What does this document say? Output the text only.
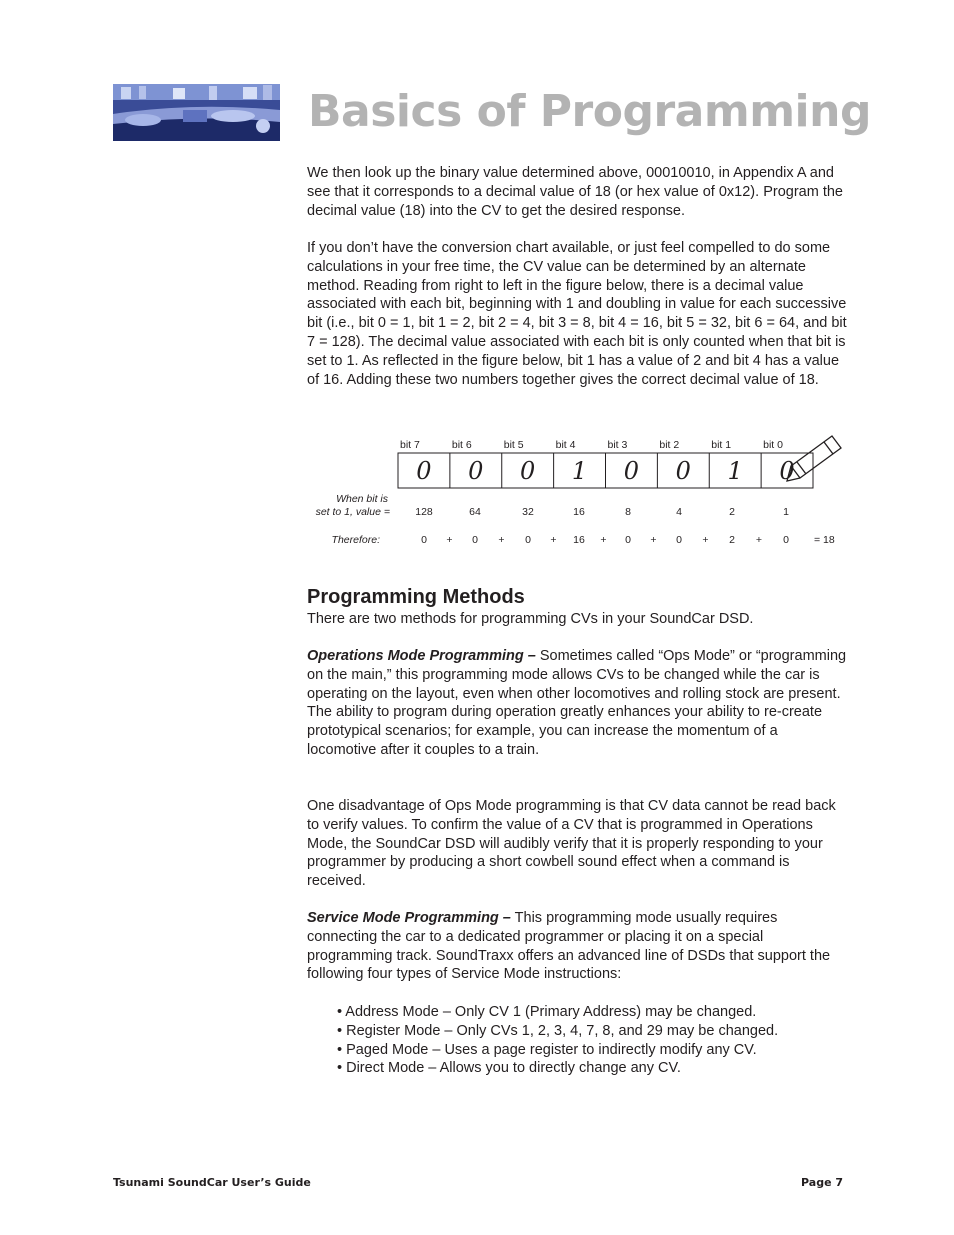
Basics of Programming

We then look up the binary value determined above, 00010010, in Appendix A and see that it corresponds to a decimal value of 18 (or hex value of 0x12). Program the decimal value (18) into the CV to get the desired response.

If you don’t have the conversion chart available, or just feel compelled to do some calculations in your free time, the CV value can be determined by an alternate method. Reading from right to left in the figure below, there is a decimal value associated with each bit, beginning with 1 and doubling in value for each successive bit (i.e., bit 0 = 1, bit 1 = 2, bit 2 = 4, bit 3 = 8, bit 4 = 16, bit 5 = 32, bit 6 = 64, and bit 7 = 128). The decimal value associated with each bit is only counted when that bit is set to 1. As reflected in the figure below, bit 1 has a value of 2 and bit 4 has a value of 16. Adding these two numbers together gives the correct decimal value of 18.

bit 7	bit 6	bit 5	bit 4	bit 3	bit 2	bit 1	bit 0
0 0 0 1 0 0 1 0
When bit is
set to 1, value = 128	64	32	16	8	4	2	1
Therefore:	0 + 0 + 0 + 16 + 0 + 0 + 2 + 0 = 18
Programming Methods

There are two methods for programming CVs in your SoundCar DSD.

Operations Mode Programming – Sometimes called “Ops Mode” or “programming on the main,” this programming mode allows CVs to be changed while the car is operating on the layout, even when other locomotives and rolling stock are present. The ability to program during operation greatly enhances your ability to re-create prototypical scenarios; for example, you can increase the momentum of a locomotive after it couples to a train.

One disadvantage of Ops Mode programming is that CV data cannot be read back to verify values. To confirm the value of a CV that is programmed in Operations Mode, the SoundCar DSD will audibly verify that it is properly responding to your programmer by producing a short cowbell sound effect when a command is received.

Service Mode Programming – This programming mode usually requires connecting the car to a dedicated programmer or placing it on a special programming track. SoundTraxx offers an advanced line of DSDs that support the following four types of Service Mode instructions:

• Address Mode – Only CV 1 (Primary Address) may be changed.
• Register Mode – Only CVs 1, 2, 3, 4, 7, 8, and 29 may be changed.
• Paged Mode – Uses a page register to indirectly modify any CV.
• Direct Mode – Allows you to directly change any CV.

Tsunami SoundCar User’s Guide	Page 7
